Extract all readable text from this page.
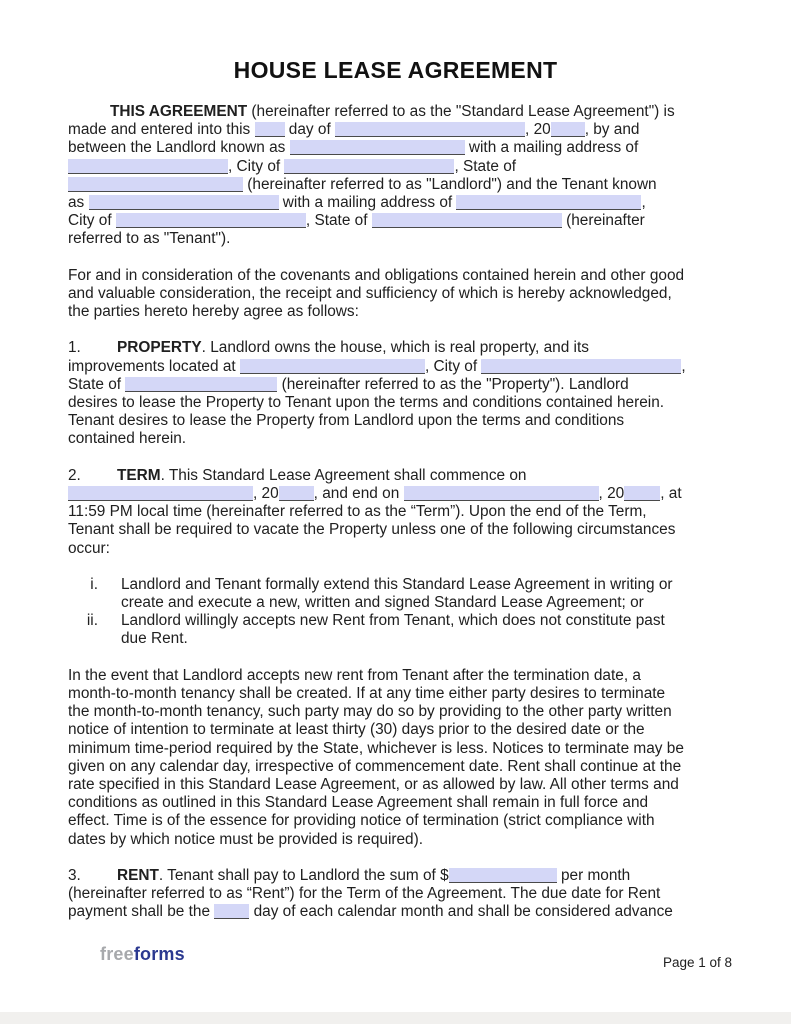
HOUSE LEASE AGREEMENT
THIS AGREEMENT (hereinafter referred to as the "Standard Lease Agreement") is
made and entered into this  day of	, 20 , by and
between the Landlord known as	with a mailing address of
, City of	, State of
(hereinafter referred to as "Landlord") and the Tenant known
as	with a mailing address of	,
City of	, State of	(hereinafter
referred to as "Tenant").
For and in consideration of the covenants and obligations contained herein and other good
and valuable consideration, the receipt and sufficiency of which is hereby acknowledged,
the parties hereto hereby agree as follows:
1. PROPERTY. Landlord owns the house, which is real property, and its
improvements located at	, City of	,
State of	(hereinafter referred to as the "Property"). Landlord
desires to lease the Property to Tenant upon the terms and conditions contained herein.
Tenant desires to lease the Property from Landlord upon the terms and conditions
contained herein.
2. TERM. This Standard Lease Agreement shall commence on
, 20 , and end on	, 20 , at
11:59 PM local time (hereinafter referred to as the “Term”). Upon the end of the Term,
Tenant shall be required to vacate the Property unless one of the following circumstances
occur:
i. Landlord and Tenant formally extend this Standard Lease Agreement in writing or
create and execute a new, written and signed Standard Lease Agreement; or
ii. Landlord willingly accepts new Rent from Tenant, which does not constitute past
due Rent.
In the event that Landlord accepts new rent from Tenant after the termination date, a
month-to-month tenancy shall be created. If at any time either party desires to terminate
the month-to-month tenancy, such party may do so by providing to the other party written
notice of intention to terminate at least thirty (30) days prior to the desired date or the
minimum time-period required by the State, whichever is less. Notices to terminate may be
given on any calendar day, irrespective of commencement date. Rent shall continue at the
rate specified in this Standard Lease Agreement, or as allowed by law. All other terms and
conditions as outlined in this Standard Lease Agreement shall remain in full force and
effect. Time is of the essence for providing notice of termination (strict compliance with
dates by which notice must be provided is required).
3. RENT. Tenant shall pay to Landlord the sum of $	per month
(hereinafter referred to as “Rent”) for the Term of the Agreement. The due date for Rent
payment shall be the  day of each calendar month and shall be considered advance
freeforms	Page 1 of 8
